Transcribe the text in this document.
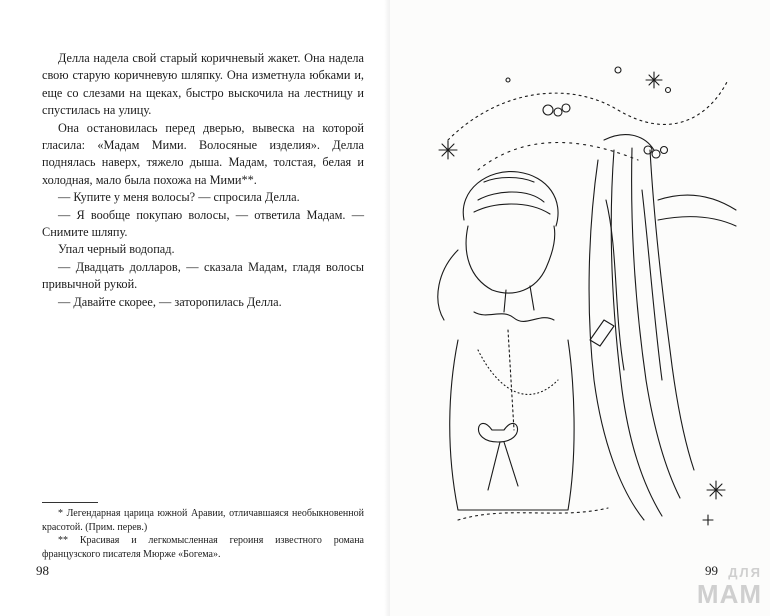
Делла надела свой старый коричневый жакет. Она надела свою старую коричневую шляпку. Она изметнула юбками и, еще со слезами на щеках, быстро выскочила на лестницу и спустилась на улицу.

Она остановилась перед дверью, вывеска на которой гласила: «Мадам Мими. Волосяные изделия». Делла поднялась наверх, тяжело дыша. Мадам, толстая, белая и холодная, мало была похожа на Мими**.

— Купите у меня волосы? — спросила Делла.

— Я вообще покупаю волосы, — ответила Мадам. — Снимите шляпу.

Упал черный водопад.

— Двадцать долларов, — сказала Мадам, гладя волосы привычной рукой.

— Давайте скорее, — заторопилась Делла.

* Легендарная царица южной Аравии, отличавшаяся необыкновенной красотой. (Прим. перев.)

** Красивая и легкомысленная героиня известного романа французского писателя Мюрже «Богема».

98	99 ДЛЯ
МАМ
